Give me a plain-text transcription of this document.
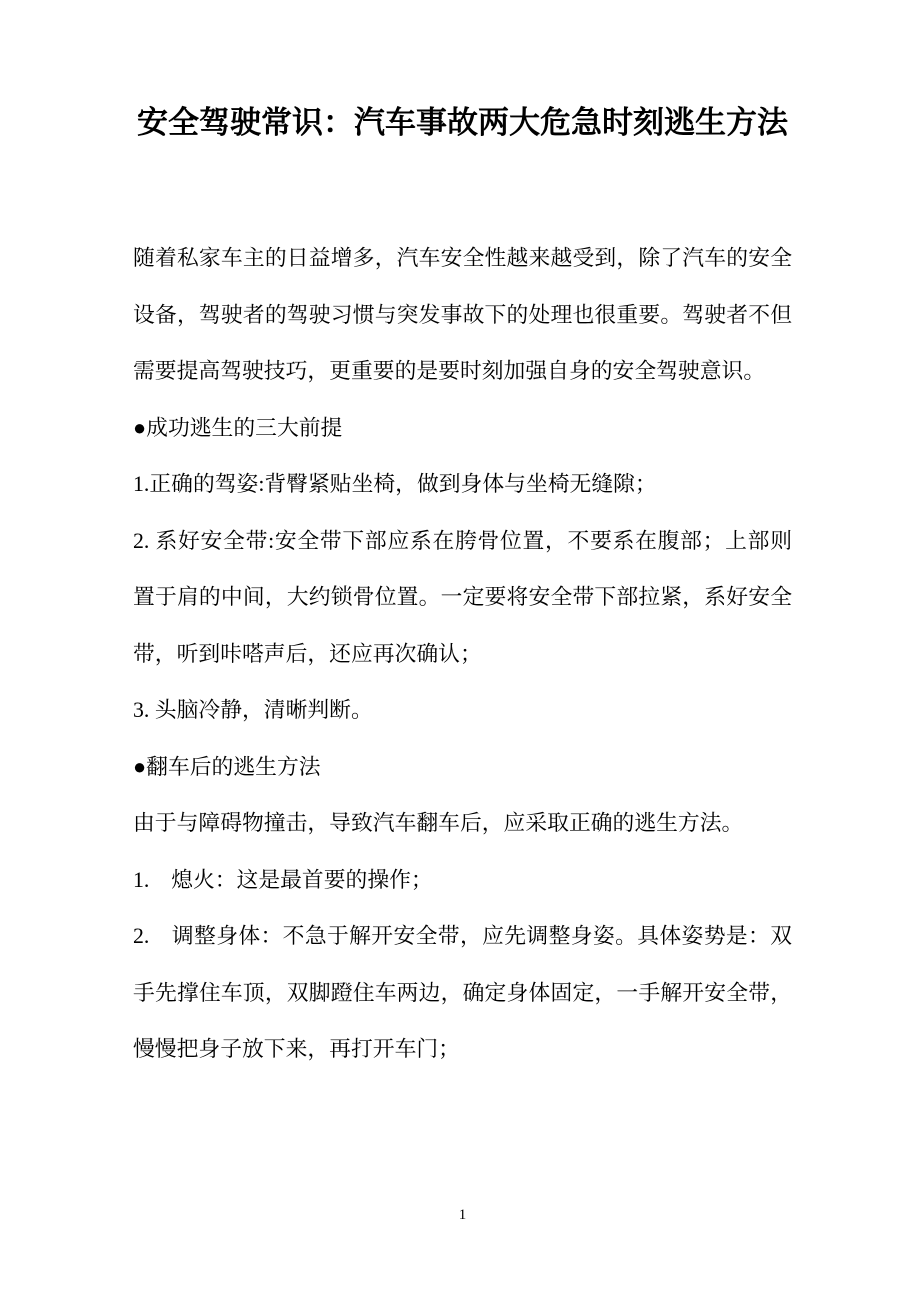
安全驾驶常识：汽车事故两大危急时刻逃生方法

随着私家车主的日益增多，汽车安全性越来越受到，除了汽车的安全设备，驾驶者的驾驶习惯与突发事故下的处理也很重要。驾驶者不但需要提高驾驶技巧，更重要的是要时刻加强自身的安全驾驶意识。

●成功逃生的三大前提

1.正确的驾姿:背臀紧贴坐椅，做到身体与坐椅无缝隙；

2. 系好安全带:安全带下部应系在胯骨位置，不要系在腹部；上部则置于肩的中间，大约锁骨位置。一定要将安全带下部拉紧，系好安全带，听到咔嗒声后，还应再次确认；

3. 头脑冷静，清晰判断。

●翻车后的逃生方法

由于与障碍物撞击，导致汽车翻车后，应采取正确的逃生方法。

1.　熄火：这是最首要的操作；

2.　调整身体：不急于解开安全带，应先调整身姿。具体姿势是：双手先撑住车顶，双脚蹬住车两边，确定身体固定，一手解开安全带，慢慢把身子放下来，再打开车门；

1
